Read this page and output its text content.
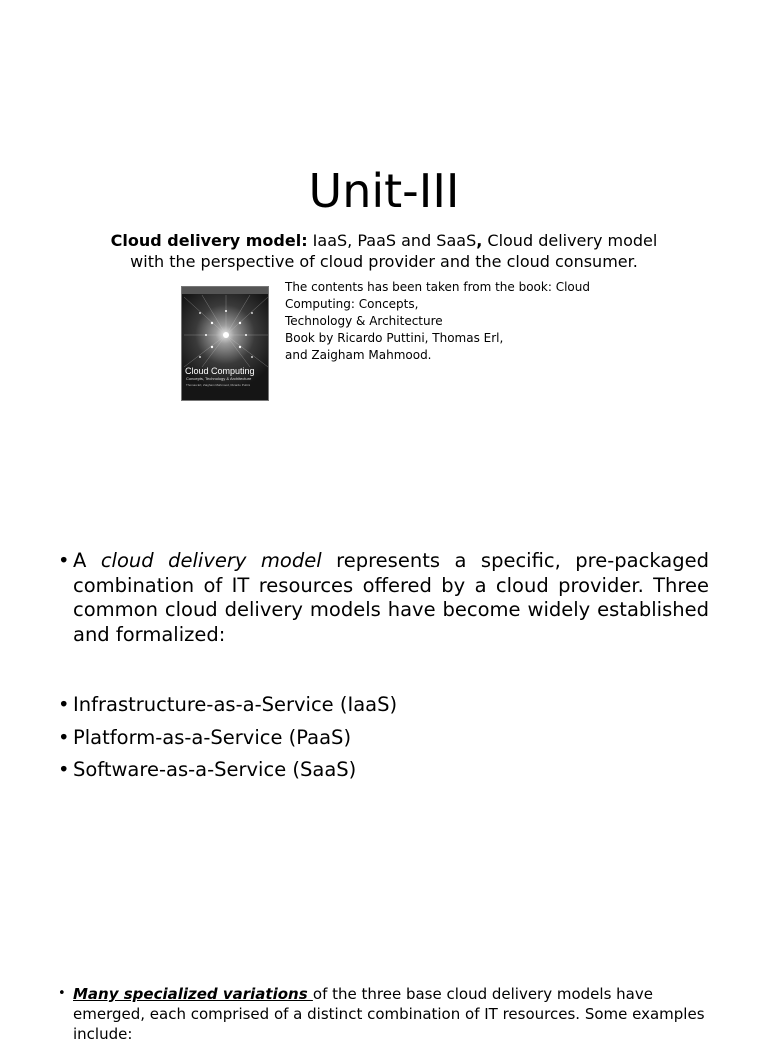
Unit-III
Cloud delivery model: IaaS, PaaS and SaaS, Cloud delivery model with the perspective of cloud provider and the cloud consumer.
Cloud Computing
Concepts, Technology & Architecture
Thomas Erl, Zaigham Mahmood, Ricardo Puttini
The contents has been taken from the book: Cloud
Computing: Concepts,
Technology & Architecture
Book by Ricardo Puttini, Thomas Erl,
and Zaigham Mahmood.
• A cloud delivery model represents a specific, pre-packaged combination of IT resources offered by a cloud provider. Three common cloud delivery models have become widely established and formalized:
• Infrastructure-as-a-Service (IaaS)
• Platform-as-a-Service (PaaS)
• Software-as-a-Service (SaaS)
• Many specialized variations of the three base cloud delivery models have emerged, each comprised of a distinct combination of IT resources. Some examples include:
